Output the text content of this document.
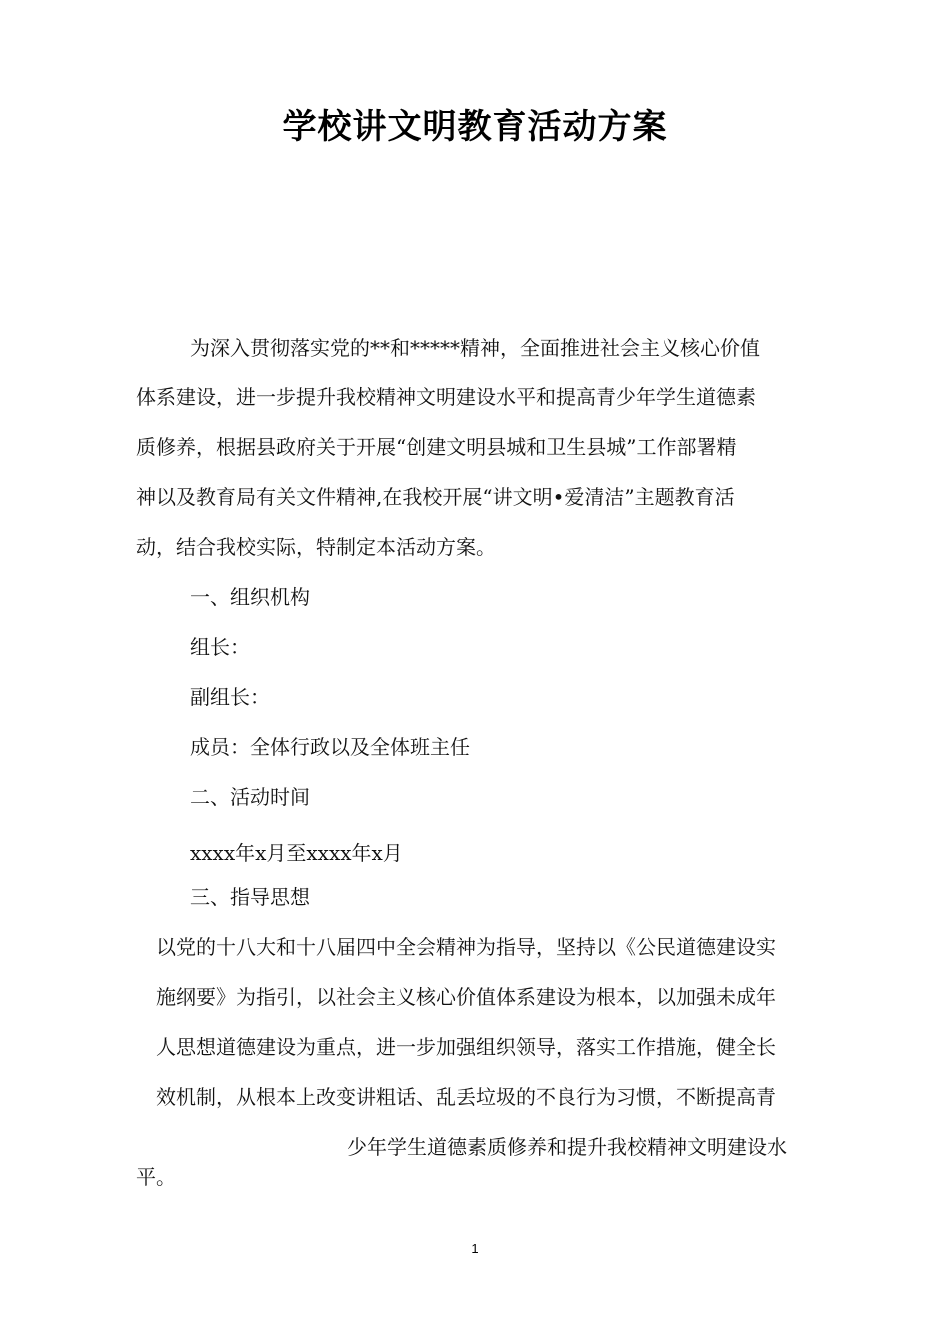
学校讲文明教育活动方案
为深入贯彻落实党的**和*****精神，全面推进社会主义核心价值
体系建设，进一步提升我校精神文明建设水平和提高青少年学生道德素
质修养，根据县政府关于开展“创建文明县城和卫生县城”工作部署精
神以及教育局有关文件精神,在我校开展“讲文明•爱清洁”主题教育活
动，结合我校实际，特制定本活动方案。
一、组织机构
组长：
副组长：
成员：全体行政以及全体班主任
二、活动时间
xxxx年x月至xxxx年x月
三、指导思想
以党的十八大和十八届四中全会精神为指导，坚持以《公民道德建设实
施纲要》为指引，以社会主义核心价值体系建设为根本，以加强未成年
人思想道德建设为重点，进一步加强组织领导，落实工作措施，健全长
效机制，从根本上改变讲粗话、乱丢垃圾的不良行为习惯，不断提高青
少年学生道德素质修养和提升我校精神文明建设水
平。
1
